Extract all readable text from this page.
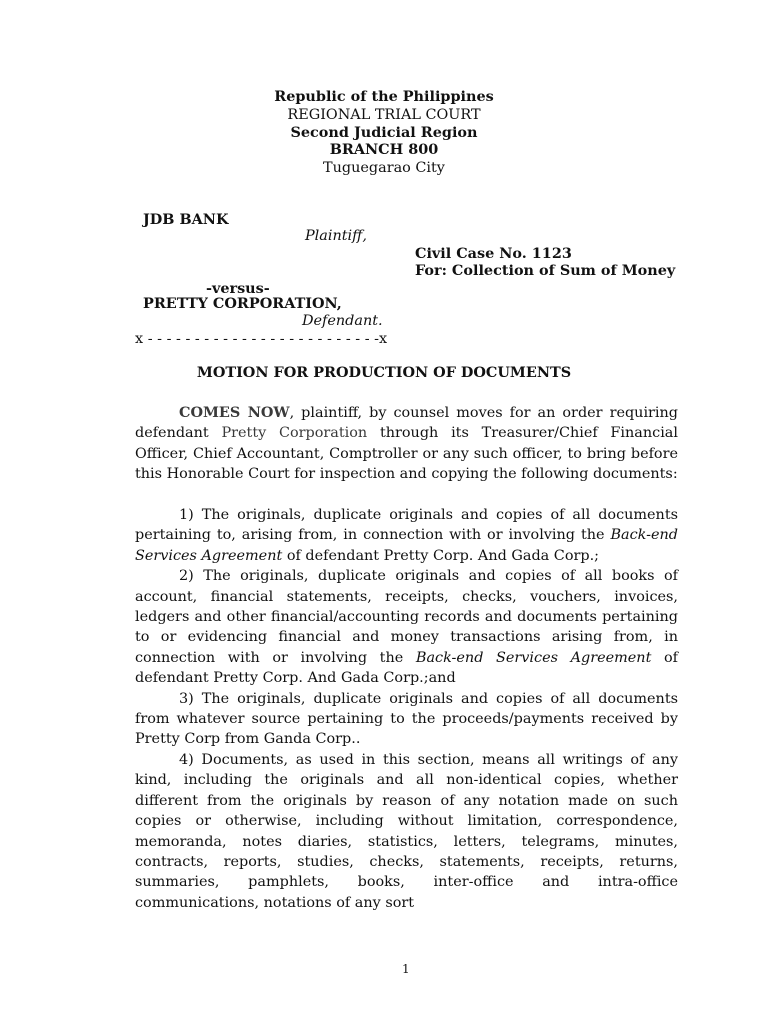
Republic of the Philippines
REGIONAL TRIAL COURT
Second Judicial Region
BRANCH 800
Tuguegarao City
JDB BANK
Plaintiff,
Civil Case No. 1123
For: Collection of Sum of Money
-versus-
PRETTY CORPORATION,
Defendant.
x - - - - - - - - - - - - - - - - - - - - - - - - -x
MOTION FOR PRODUCTION OF DOCUMENTS

COMES NOW, plaintiff, by counsel moves for an order requiring defendant Pretty Corporation through its Treasurer/Chief Financial Officer, Chief Accountant, Comptroller or any such officer, to bring before this Honorable Court for inspection and copying the following documents:

1) The originals, duplicate originals and copies of all documents pertaining to, arising from, in connection with or involving the Back-end Services Agreement of defendant Pretty Corp. And Gada Corp.;

2) The originals, duplicate originals and copies of all books of account, financial statements, receipts, checks, vouchers, invoices, ledgers and other financial/accounting records and documents pertaining to or evidencing financial and money transactions arising from, in connection with or involving the Back-end Services Agreement of defendant Pretty Corp. And Gada Corp.;and

3) The originals, duplicate originals and copies of all documents from whatever source pertaining to the proceeds/payments received by Pretty Corp from Ganda Corp..

4) Documents, as used in this section, means all writings of any kind, including the originals and all non-identical copies, whether different from the originals by reason of any notation made on such copies or otherwise, including without limitation, correspondence, memoranda, notes diaries, statistics, letters, telegrams, minutes, contracts, reports, studies, checks, statements, receipts, returns, summaries, pamphlets, books, inter-office and intra-office communications, notations of any sort

1
